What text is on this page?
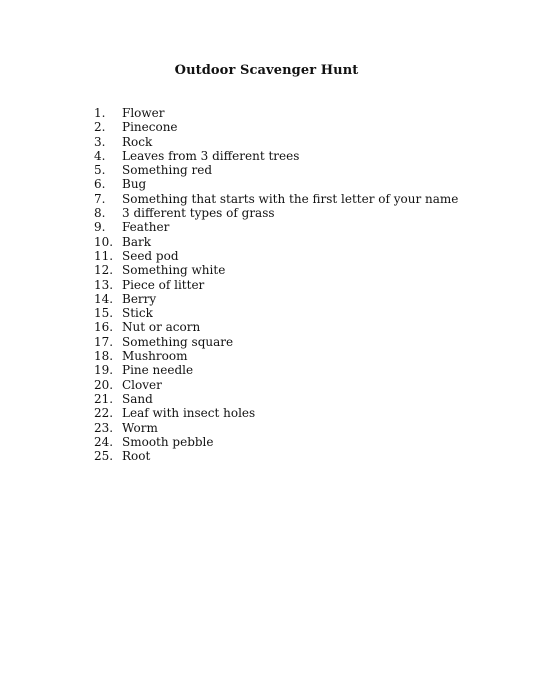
Outdoor Scavenger Hunt
1.	Flower
2.	Pinecone
3.	Rock
4.	Leaves from 3 different trees
5.	Something red
6.	Bug
7.	Something that starts with the first letter of your name
8.	3 different types of grass
9.	Feather
10. Bark
11. Seed pod
12. Something white
13. Piece of litter
14. Berry
15. Stick
16. Nut or acorn
17. Something square
18. Mushroom
19. Pine needle
20. Clover
21. Sand
22. Leaf with insect holes
23. Worm
24. Smooth pebble
25. Root
